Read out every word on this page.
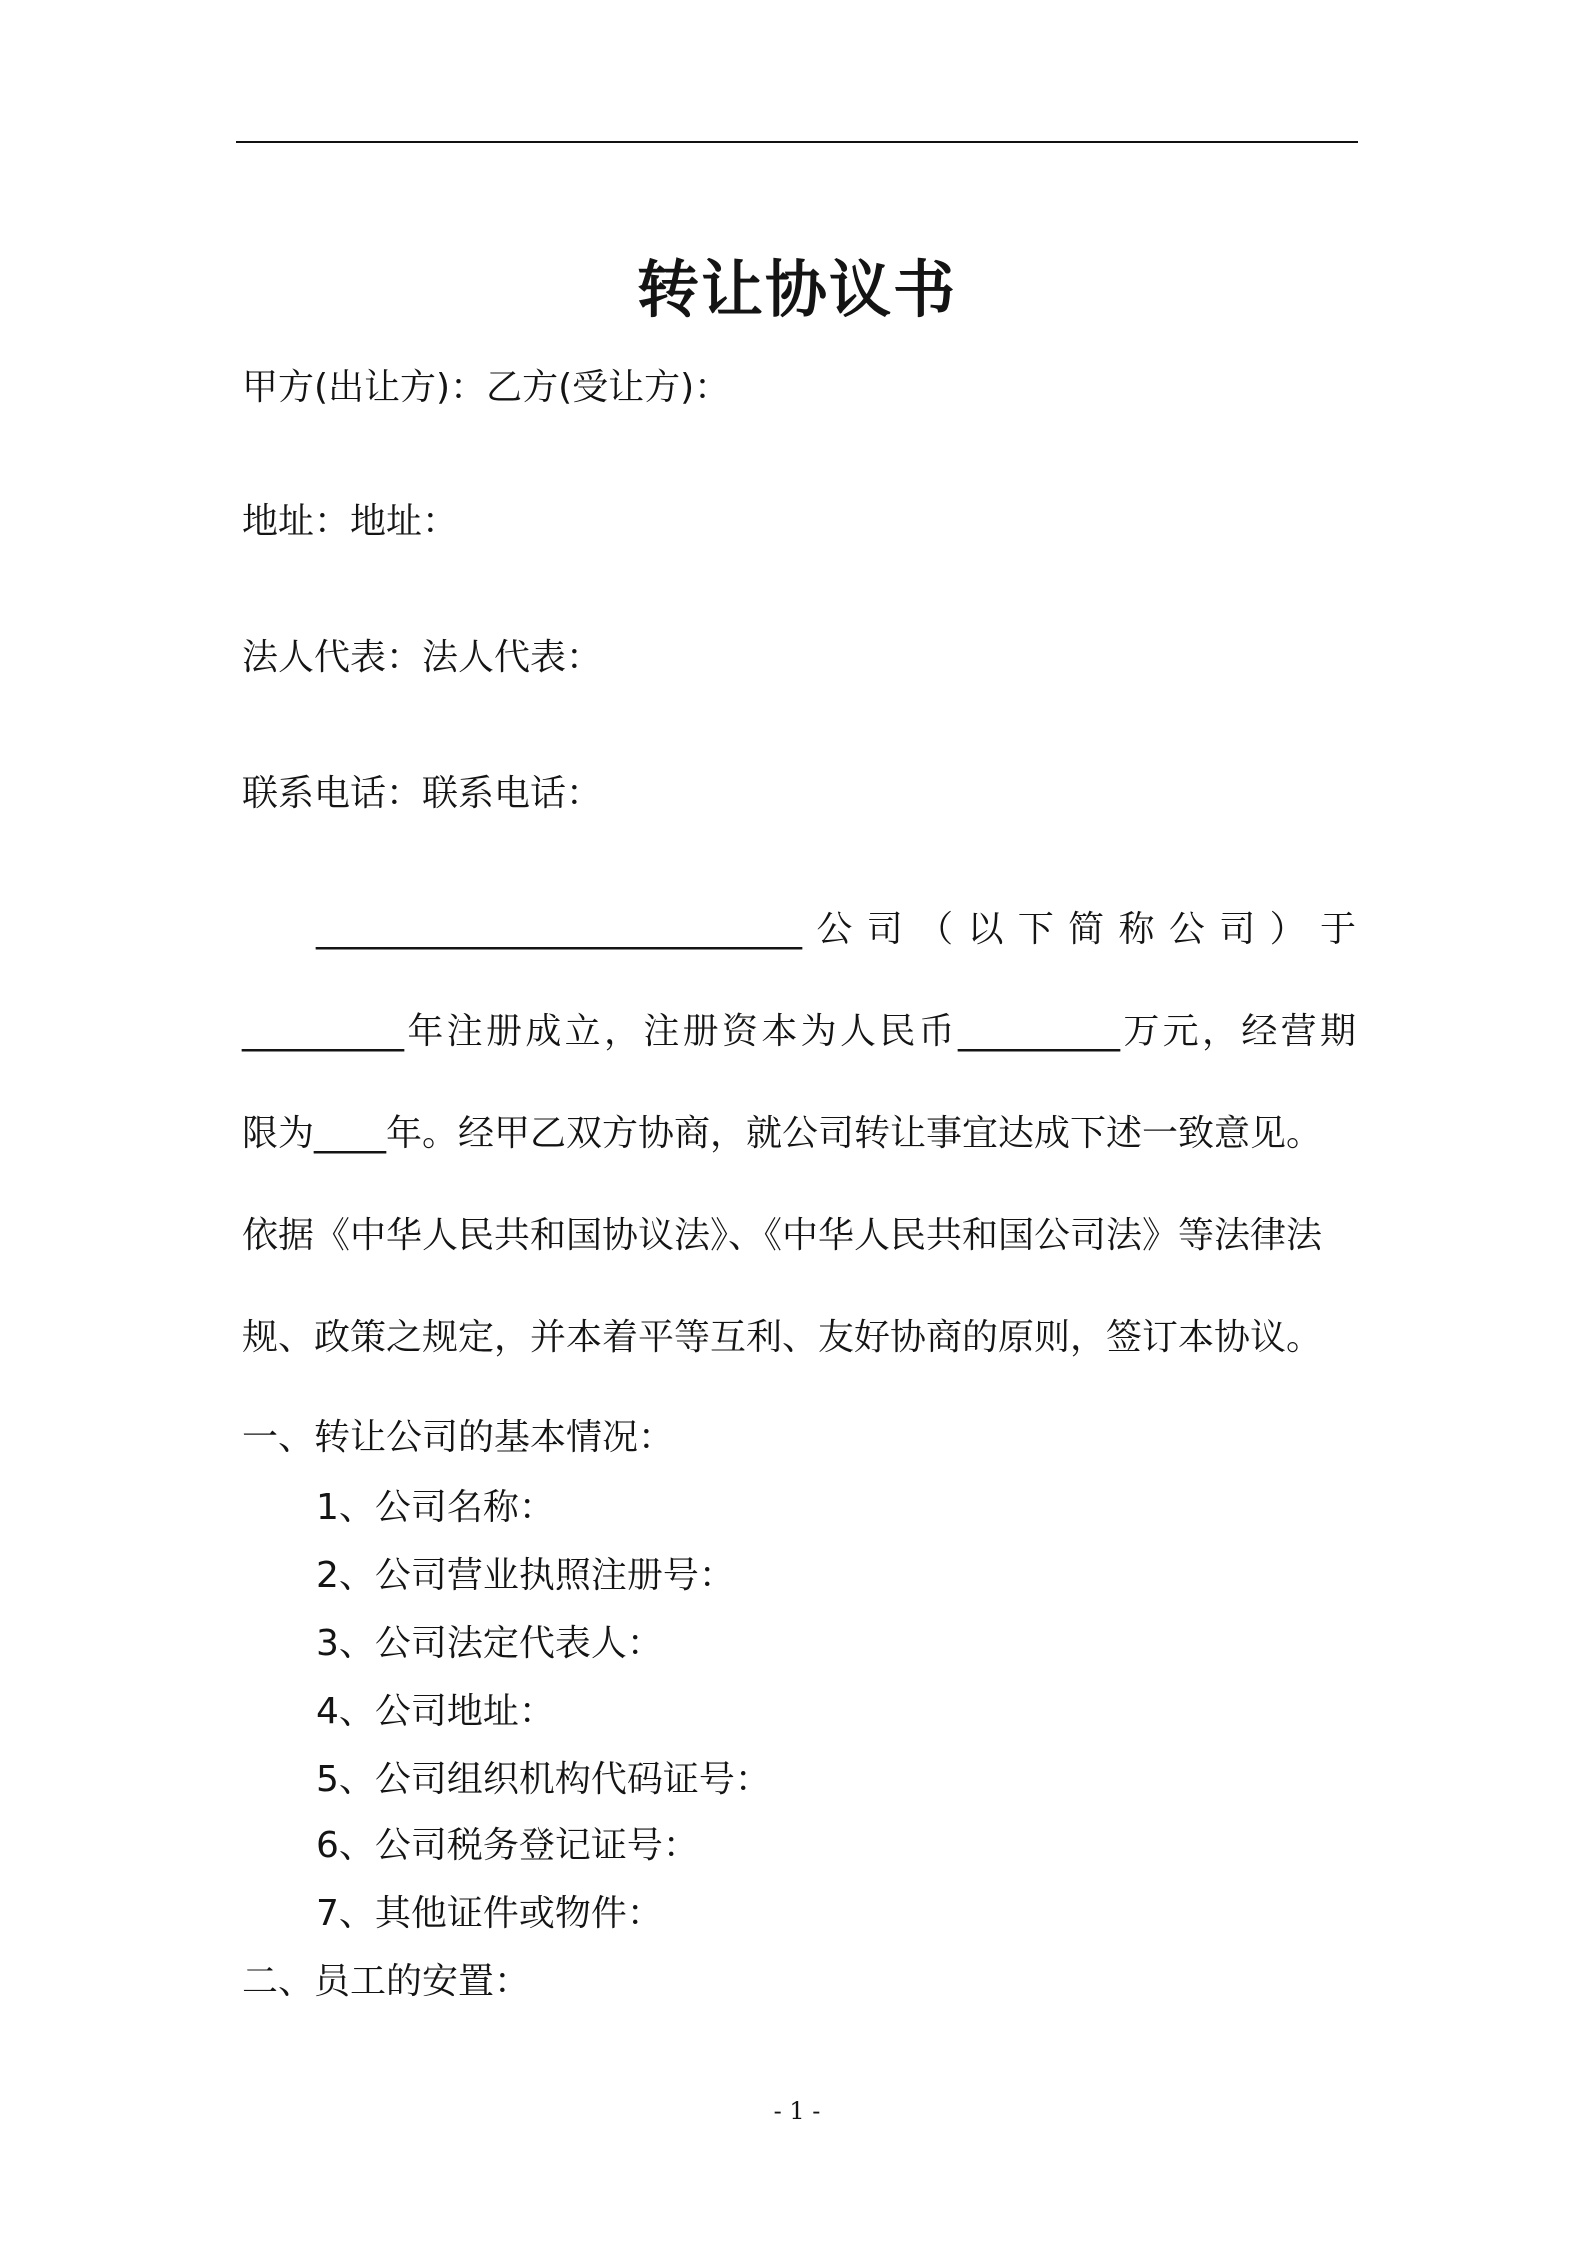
转让协议书
甲方(出让方)：乙方(受让方)：
地址：地址：
法人代表：法人代表：
联系电话：联系电话：
___________________________公司（以下简称公司）于
_________年注册成立，注册资本为人民币_________万元，经营期
限为____年。经甲乙双方协商，就公司转让事宜达成下述一致意见。
依据《中华人民共和国协议法》、《中华人民共和国公司法》等法律法
规、政策之规定，并本着平等互利、友好协商的原则，签订本协议。
一、转让公司的基本情况：
1、公司名称：
2、公司营业执照注册号：
3、公司法定代表人：
4、公司地址：
5、公司组织机构代码证号：
6、公司税务登记证号：
7、其他证件或物件：
二、员工的安置：
- 1 -
